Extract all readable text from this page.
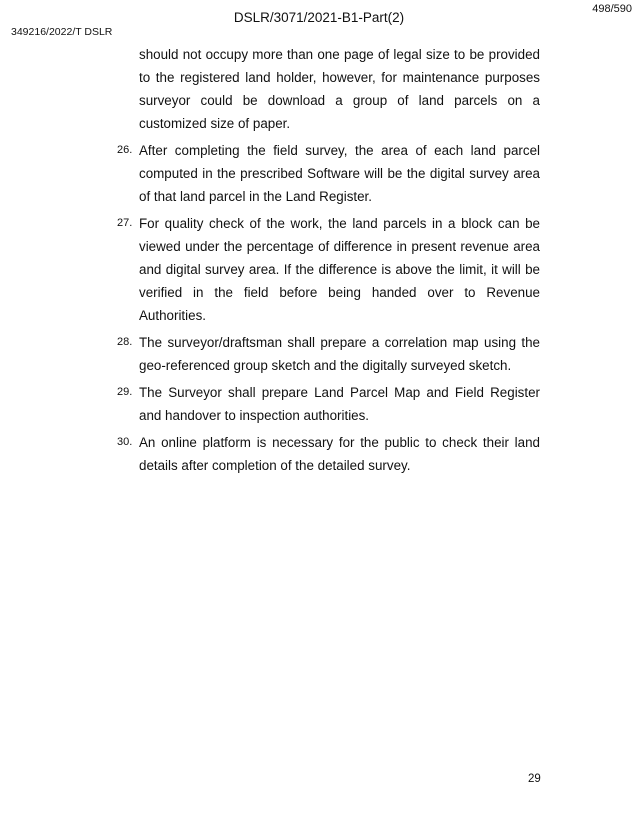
498/590
DSLR/3071/2021-B1-Part(2)
349216/2022/T DSLR

should not occupy more than one page of legal size to be provided to the registered land holder, however, for maintenance purposes surveyor could be download a group of land parcels on a customized size of paper.

26. After completing the field survey, the area of each land parcel computed in the prescribed Software will be the digital survey area of that land parcel in the Land Register.
27. For quality check of the work, the land parcels in a block can be viewed under the percentage of difference in present revenue area and digital survey area. If the difference is above the limit, it will be verified in the field before being handed over to Revenue Authorities.
28. The surveyor/draftsman shall prepare a correlation map using the geo-referenced group sketch and the digitally surveyed sketch.
29. The Surveyor shall prepare Land Parcel Map and Field Register and handover to inspection authorities.
30. An online platform is necessary for the public to check their land details after completion of the detailed survey.
29
